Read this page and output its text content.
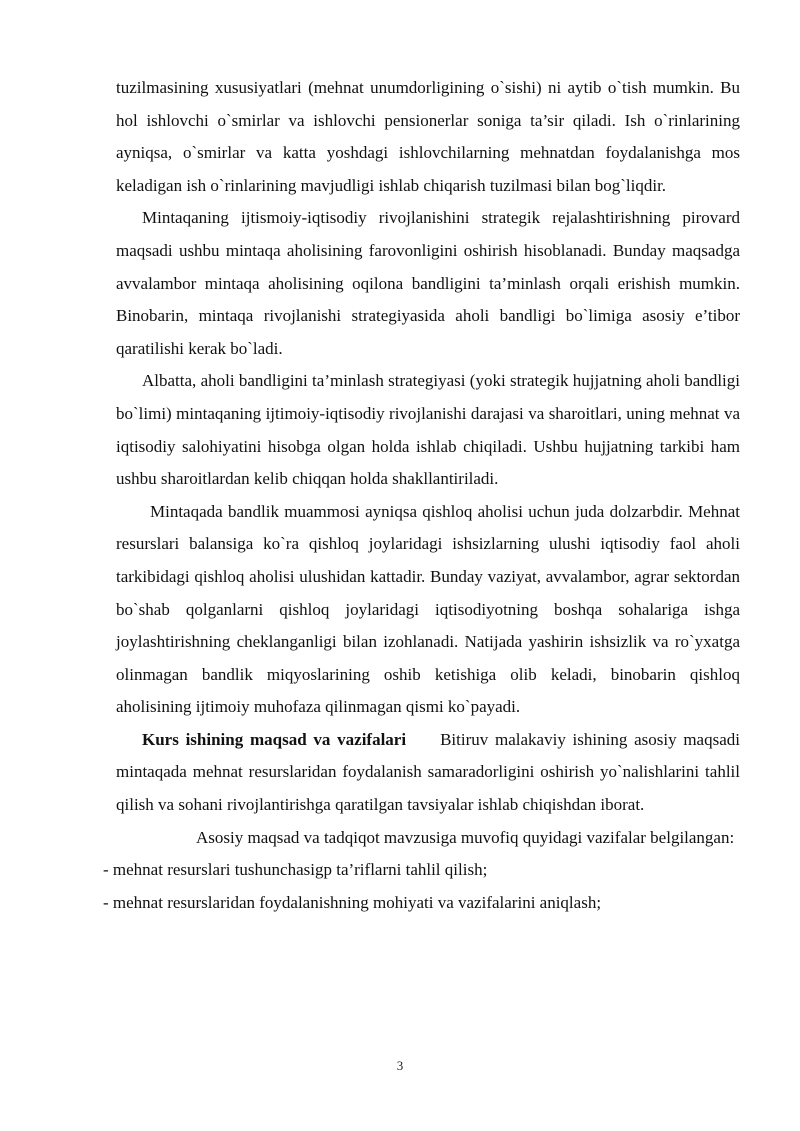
tuzilmasining xususiyatlari (mehnat unumdorligining o`sishi) ni aytib o`tish mumkin. Bu hol ishlovchi o`smirlar va ishlovchi pensionerlar soniga ta’sir qiladi. Ish o`rinlarining ayniqsa, o`smirlar va katta yoshdagi ishlovchilarning mehnatdan foydalanishga mos keladigan ish o`rinlarining mavjudligi ishlab chiqarish tuzilmasi bilan bog`liqdir.

Mintaqaning ijtismoiy-iqtisodiy rivojlanishini strategik rejalashtirishning pirovard maqsadi ushbu mintaqa aholisining farovonligini oshirish hisoblanadi. Bunday maqsadga avvalambor mintaqa aholisining oqilona bandligini ta’minlash orqali erishish mumkin. Binobarin, mintaqa rivojlanishi strategiyasida aholi bandligi bo`limiga asosiy e’tibor qaratilishi kerak bo`ladi.

Albatta, aholi bandligini ta’minlash strategiyasi (yoki strategik hujjatning aholi bandligi bo`limi) mintaqaning ijtimoiy-iqtisodiy rivojlanishi darajasi va sharoitlari, uning mehnat va iqtisodiy salohiyatini hisobga olgan holda ishlab chiqiladi. Ushbu hujjatning tarkibi ham ushbu sharoitlardan kelib chiqqan holda shakllantiriladi.

Mintaqada bandlik muammosi ayniqsa qishloq aholisi uchun juda dolzarbdir. Mehnat resurslari balansiga ko`ra qishloq joylaridagi ishsizlarning ulushi iqtisodiy faol aholi tarkibidagi qishloq aholisi ulushidan kattadir. Bunday vaziyat, avvalambor, agrar sektordan bo`shab qolganlarni qishloq joylaridagi iqtisodiyotning boshqa sohalariga ishga joylashtirishning cheklanganligi bilan izohlanadi. Natijada yashirin ishsizlik va ro`yxatga olinmagan bandlik miqyoslarining oshib ketishiga olib keladi, binobarin qishloq aholisining ijtimoiy muhofaza qilinmagan qismi ko`payadi.

Kurs ishining maqsad va vazifalari Bitiruv malakaviy ishining asosiy maqsadi mintaqada mehnat resurslaridan foydalanish samaradorligini oshirish yo`nalishlarini tahlil qilish va sohani rivojlantirishga qaratilgan tavsiyalar ishlab chiqishdan iborat.

Asosiy maqsad va tadqiqot mavzusiga muvofiq quyidagi vazifalar belgilangan:

- mehnat resurslari tushunchasigp ta’riflarni tahlil qilish;

- mehnat resurslaridan foydalanishning mohiyati va vazifalarini aniqlash;

3
